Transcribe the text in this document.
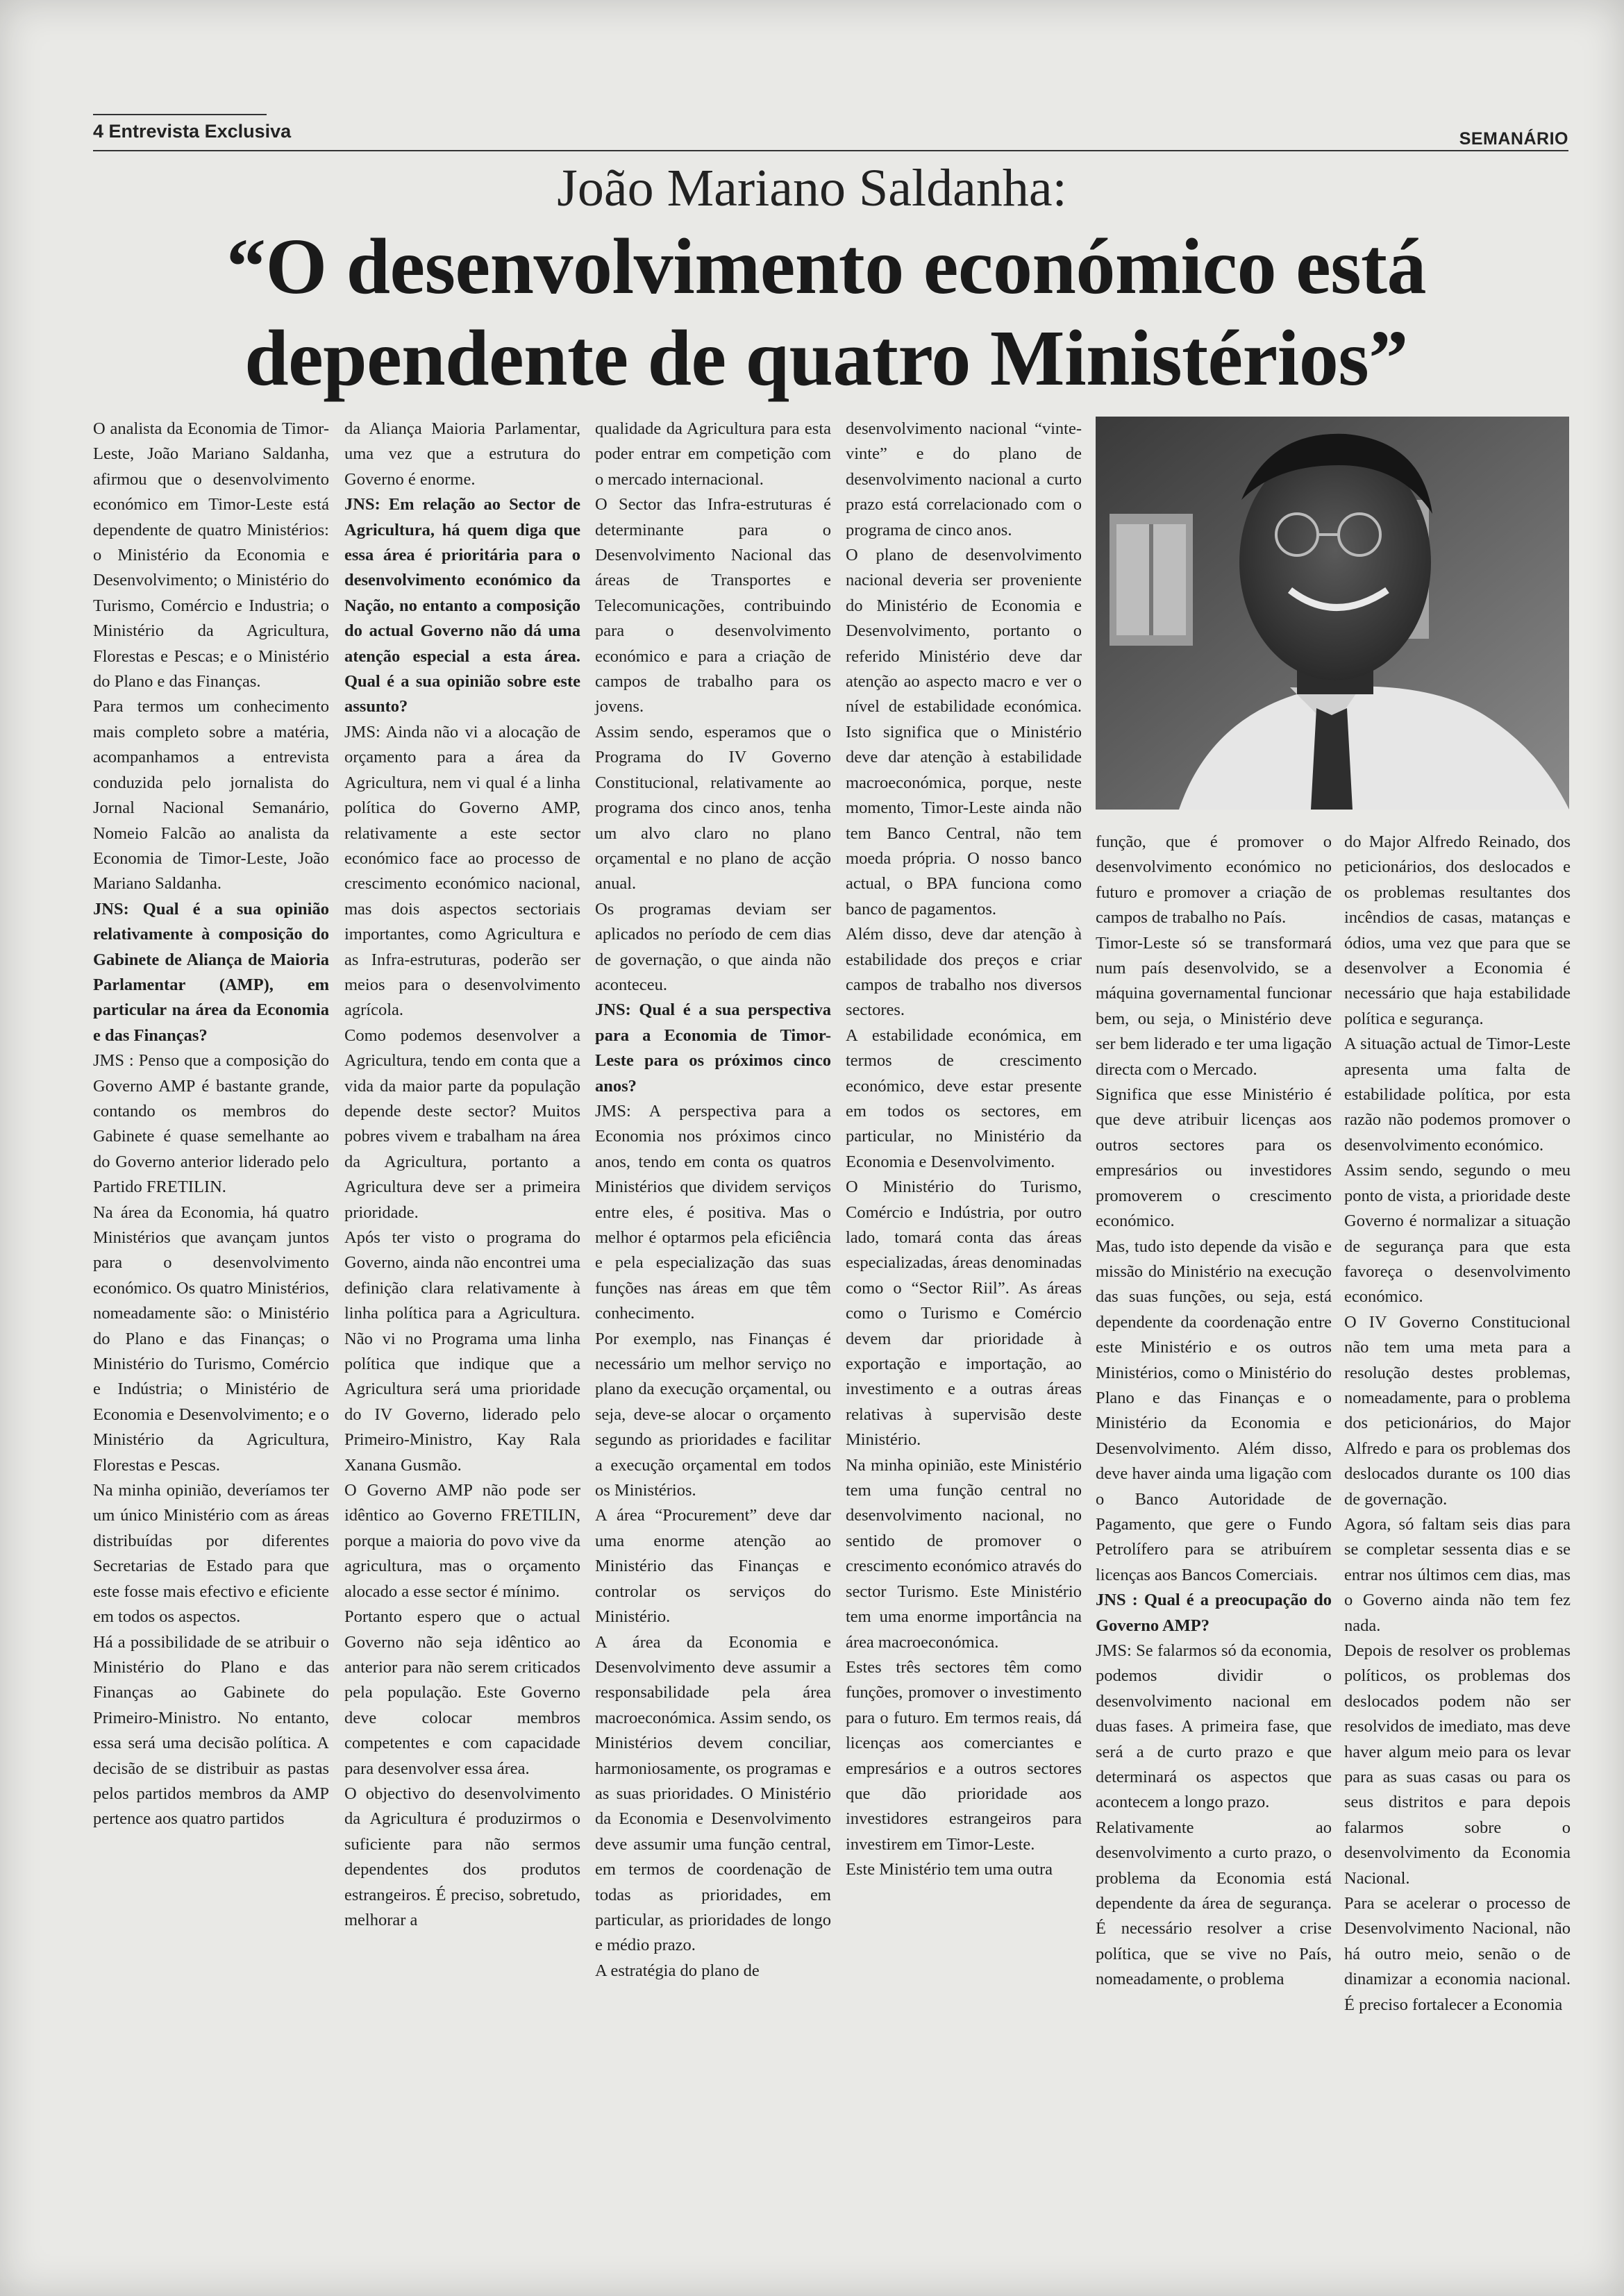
4 Entrevista Exclusiva	SEMANÁRIO
João Mariano Saldanha:
“O desenvolvimento económico está dependente de quatro Ministérios”

O analista da Economia de Timor-Leste, João Mariano Saldanha, afirmou que o desenvolvimento económico em Timor-Leste está dependente de quatro Ministérios: o Ministério da Economia e Desenvolvimento; o Ministério do Turismo, Comércio e Industria; o Ministério da Agricultura, Florestas e Pescas; e o Ministério do Plano e das Finanças.

Para termos um conhecimento mais completo sobre a matéria, acompanhamos a entrevista conduzida pelo jornalista do Jornal Nacional Semanário, Nomeio Falcão ao analista da Economia de Timor-Leste, João Mariano Saldanha.

JNS: Qual é a sua opinião relativamente à composição do Gabinete de Aliança de Maioria Parlamentar (AMP), em particular na área da Economia e das Finanças?

JMS : Penso que a composição do Governo AMP é bastante grande, contando os membros do Gabinete é quase semelhante ao do Governo anterior liderado pelo Partido FRETILIN.

Na área da Economia, há quatro Ministérios que avançam juntos para o desenvolvimento económico. Os quatro Ministérios, nomeadamente são: o Ministério do Plano e das Finanças; o Ministério do Turismo, Comércio e Indústria; o Ministério de Economia e Desenvolvimento; e o Ministério da Agricultura, Florestas e Pescas.

Na minha opinião, deveríamos ter um único Ministério com as áreas distribuídas por diferentes Secretarias de Estado para que este fosse mais efectivo e eficiente em todos os aspectos.

Há a possibilidade de se atribuir o Ministério do Plano e das Finanças ao Gabinete do Primeiro-Ministro. No entanto, essa será uma decisão política. A decisão de se distribuir as pastas pelos partidos membros da AMP pertence aos quatro partidos

da Aliança Maioria Parlamentar, uma vez que a estrutura do Governo é enorme.

JNS: Em relação ao Sector de Agricultura, há quem diga que essa área é prioritária para o desenvolvimento económico da Nação, no entanto a composição do actual Governo não dá uma atenção especial a esta área. Qual é a sua opinião sobre este assunto?

JMS: Ainda não vi a alocação de orçamento para a área da Agricultura, nem vi qual é a linha política do Governo AMP, relativamente a este sector económico face ao processo de crescimento económico nacional, mas dois aspectos sectoriais importantes, como Agricultura e as Infra-estruturas, poderão ser meios para o desenvolvimento agrícola.

Como podemos desenvolver a Agricultura, tendo em conta que a vida da maior parte da população depende deste sector? Muitos pobres vivem e trabalham na área da Agricultura, portanto a Agricultura deve ser a primeira prioridade.

Após ter visto o programa do Governo, ainda não encontrei uma definição clara relativamente à linha política para a Agricultura. Não vi no Programa uma linha política que indique que a Agricultura será uma prioridade do IV Governo, liderado pelo Primeiro-Ministro, Kay Rala Xanana Gusmão.

O Governo AMP não pode ser idêntico ao Governo FRETILIN, porque a maioria do povo vive da agricultura, mas o orçamento alocado a esse sector é mínimo.

Portanto espero que o actual Governo não seja idêntico ao anterior para não serem criticados pela população. Este Governo deve colocar membros competentes e com capacidade para desenvolver essa área.

O objectivo do desenvolvimento da Agricultura é produzirmos o suficiente para não sermos dependentes dos produtos estrangeiros. É preciso, sobretudo, melhorar a

qualidade da Agricultura para esta poder entrar em competição com o mercado internacional.

O Sector das Infra-estruturas é determinante para o Desenvolvimento Nacional das áreas de Transportes e Telecomunicações, contribuindo para o desenvolvimento económico e para a criação de campos de trabalho para os jovens.

Assim sendo, esperamos que o Programa do IV Governo Constitucional, relativamente ao programa dos cinco anos, tenha um alvo claro no plano orçamental e no plano de acção anual.

Os programas deviam ser aplicados no período de cem dias de governação, o que ainda não aconteceu.

JNS: Qual é a sua perspectiva para a Economia de Timor-Leste para os próximos cinco anos?

JMS: A perspectiva para a Economia nos próximos cinco anos, tendo em conta os quatros Ministérios que dividem serviços entre eles, é positiva. Mas o melhor é optarmos pela eficiência e pela especialização das suas funções nas áreas em que têm conhecimento.

Por exemplo, nas Finanças é necessário um melhor serviço no plano da execução orçamental, ou seja, deve-se alocar o orçamento segundo as prioridades e facilitar a execução orçamental em todos os Ministérios.

A área “Procurement” deve dar uma enorme atenção ao Ministério das Finanças e controlar os serviços do Ministério.

A área da Economia e Desenvolvimento deve assumir a responsabilidade pela área macroeconómica. Assim sendo, os Ministérios devem conciliar, harmoniosamente, os programas e as suas prioridades. O Ministério da Economia e Desenvolvimento deve assumir uma função central, em termos de coordenação de todas as prioridades, em particular, as prioridades de longo e médio prazo.

A estratégia do plano de

desenvolvimento nacional “vinte-vinte” e do plano de desenvolvimento nacional a curto prazo está correlacionado com o programa de cinco anos.

O plano de desenvolvimento nacional deveria ser proveniente do Ministério de Economia e Desenvolvimento, portanto o referido Ministério deve dar atenção ao aspecto macro e ver o nível de estabilidade económica. Isto significa que o Ministério deve dar atenção à estabilidade macroeconómica, porque, neste momento, Timor-Leste ainda não tem Banco Central, não tem moeda própria. O nosso banco actual, o BPA funciona como banco de pagamentos.

Além disso, deve dar atenção à estabilidade dos preços e criar campos de trabalho nos diversos sectores.

A estabilidade económica, em termos de crescimento económico, deve estar presente em todos os sectores, em particular, no Ministério da Economia e Desenvolvimento.

O Ministério do Turismo, Comércio e Indústria, por outro lado, tomará conta das áreas especializadas, áreas denominadas como o “Sector Riil”. As áreas como o Turismo e Comércio devem dar prioridade à exportação e importação, ao investimento e a outras áreas relativas à supervisão deste Ministério.

Na minha opinião, este Ministério tem uma função central no desenvolvimento nacional, no sentido de promover o crescimento económico através do sector Turismo. Este Ministério tem uma enorme importância na área macroeconómica.

Estes três sectores têm como funções, promover o investimento para o futuro. Em termos reais, dá licenças aos comerciantes e empresários e a outros sectores que dão prioridade aos investidores estrangeiros para investirem em Timor-Leste.

Este Ministério tem uma outra

função, que é promover o desenvolvimento económico no futuro e promover a criação de campos de trabalho no País.

Timor-Leste só se transformará num país desenvolvido, se a máquina governamental funcionar bem, ou seja, o Ministério deve ser bem liderado e ter uma ligação directa com o Mercado.

Significa que esse Ministério é que deve atribuir licenças aos outros sectores para os empresários ou investidores promoverem o crescimento económico.

Mas, tudo isto depende da visão e missão do Ministério na execução das suas funções, ou seja, está dependente da coordenação entre este Ministério e os outros Ministérios, como o Ministério do Plano e das Finanças e o Ministério da Economia e Desenvolvimento. Além disso, deve haver ainda uma ligação com o Banco Autoridade de Pagamento, que gere o Fundo Petrolífero para se atribuírem licenças aos Bancos Comerciais.

JNS : Qual é a preocupação do Governo AMP?

JMS: Se falarmos só da economia, podemos dividir o desenvolvimento nacional em duas fases. A primeira fase, que será a de curto prazo e que determinará os aspectos que acontecem a longo prazo.

Relativamente ao desenvolvimento a curto prazo, o problema da Economia está dependente da área de segurança. É necessário resolver a crise política, que se vive no País, nomeadamente, o problema

do Major Alfredo Reinado, dos peticionários, dos deslocados e os problemas resultantes dos incêndios de casas, matanças e ódios, uma vez que para que se desenvolver a Economia é necessário que haja estabilidade política e segurança.

A situação actual de Timor-Leste apresenta uma falta de estabilidade política, por esta razão não podemos promover o desenvolvimento económico.

Assim sendo, segundo o meu ponto de vista, a prioridade deste Governo é normalizar a situação de segurança para que esta favoreça o desenvolvimento económico.

O IV Governo Constitucional não tem uma meta para a resolução destes problemas, nomeadamente, para o problema dos peticionários, do Major Alfredo e para os problemas dos deslocados durante os 100 dias de governação.

Agora, só faltam seis dias para se completar sessenta dias e se entrar nos últimos cem dias, mas o Governo ainda não tem fez nada.

Depois de resolver os problemas políticos, os problemas dos deslocados podem não ser resolvidos de imediato, mas deve haver algum meio para os levar para as suas casas ou para os seus distritos e para depois falarmos sobre o desenvolvimento da Economia Nacional.

Para se acelerar o processo de Desenvolvimento Nacional, não há outro meio, senão o de dinamizar a economia nacional. É preciso fortalecer a Economia
